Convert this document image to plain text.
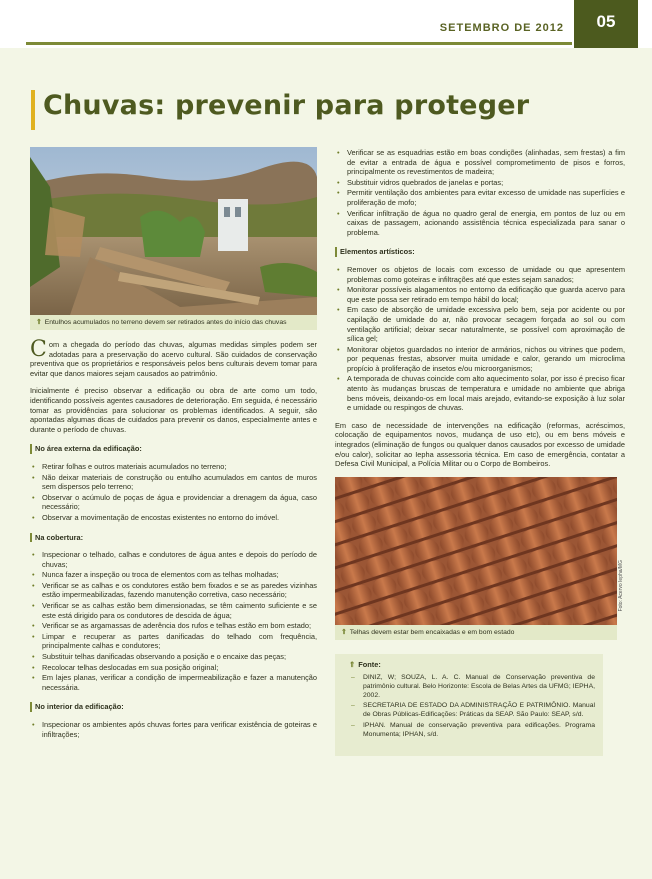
SETEMBRO DE 2012	05
Chuvas: prevenir para proteger
⇑ Entulhos acumulados no terreno devem ser retirados antes do início das chuvas

Com a chegada do período das chuvas, algumas medidas simples podem ser adotadas para a preservação do acervo cultural. São cuidados de conservação preventiva que os proprietários e responsáveis pelos bens culturais devem tomar para evitar que danos maiores sejam causados ao patrimônio.

Inicialmente é preciso observar a edificação ou obra de arte como um todo, identificando possíveis agentes causadores de deterioração. Em seguida, é necessário tomar as providências para solucionar os problemas identificados. A seguir, são apontadas algumas dicas de cuidados para prevenir os danos, especialmente antes e durante o período de chuvas.

No área externa da edificação:
• Retirar folhas e outros materiais acumulados no terreno;
• Não deixar materiais de construção ou entulho acumulados em cantos de muros sem dispersos pelo terreno;
• Observar o acúmulo de poças de água e providenciar a drenagem da água, caso necessário;
• Observar a movimentação de encostas existentes no entorno do imóvel.
Na cobertura:
• Inspecionar o telhado, calhas e condutores de água antes e depois do período de chuvas;
• Nunca fazer a inspeção ou troca de elementos com as telhas molhadas;
• Verificar se as calhas e os condutores estão bem fixados e se as paredes vizinhas estão impermeabilizadas, fazendo manutenção corretiva, caso necessário;
• Verificar se as calhas estão bem dimensionadas, se têm caimento suficiente e se este está dirigido para os condutores de descida de água;
• Verificar se as argamassas de aderência dos rufos e telhas estão em bom estado;
• Limpar e recuperar as partes danificadas do telhado com frequência, principalmente calhas e condutores;
• Substituir telhas danificadas observando a posição e o encaixe das peças;
• Recolocar telhas deslocadas em sua posição original;
• Em lajes planas, verificar a condição de impermeabilização e fazer a manutenção necessária.
No interior da edificação:
• Inspecionar os ambientes após chuvas fortes para verificar existência de goteiras e infiltrações;
• Verificar se as esquadrias estão em boas condições (alinhadas, sem frestas) a fim de evitar a entrada de água e possível comprometimento de pisos e forros, principalmente os revestimentos de madeira;
• Substituir vidros quebrados de janelas e portas;
• Permitir ventilação dos ambientes para evitar excesso de umidade nas superfícies e proliferação de mofo;
• Verificar infiltração de água no quadro geral de energia, em pontos de luz ou em caixas de passagem, acionando assistência técnica especializada para sanar o problema.
Elementos artísticos:
• Remover os objetos de locais com excesso de umidade ou que apresentem problemas como goteiras e infiltrações até que estes sejam sanados;
• Monitorar possíveis alagamentos no entorno da edificação que guarda acervo para que este possa ser retirado em tempo hábil do local;
• Em caso de absorção de umidade excessiva pelo bem, seja por acidente ou por capilação de umidade do ar, não provocar secagem forçada ao sol ou com ventilação artificial; deixar secar naturalmente, se possível com aproximação de sílica gel;
• Monitorar objetos guardados no interior de armários, nichos ou vitrines que podem, por pequenas frestas, absorver muita umidade e calor, gerando um microclima propício à proliferação de insetos e/ou microorganismos;
• A temporada de chuvas coincide com alto aquecimento solar, por isso é preciso ficar atento às mudanças bruscas de temperatura e umidade no ambiente que abriga bens móveis, deixando-os em local mais arejado, evitando-se exposição à luz solar e umidade ou respingos de chuvas.

Em caso de necessidade de intervenções na edificação (reformas, acréscimos, colocação de equipamentos novos, mudança de uso etc), ou em bens móveis e integrados (eliminação de fungos ou qualquer danos causados por excesso de umidade e/ou calor), solicitar ao Iepha assessoria técnica. Em caso de emergência, contatar a Defesa Civil Municipal, a Polícia Militar ou o Corpo de Bombeiros.

⇑ Telhas devem estar bem encaixadas e em bom estado
⇑ Fonte:
– DINIZ, W; SOUZA, L. A. C. Manual de Conservação preventiva de patrimônio cultural. Belo Horizonte: Escola de Belas Artes da UFMG; IEPHA, 2002.
– SECRETARIA DE ESTADO DA ADMINISTRAÇÃO E PATRIMÔNIO. Manual de Obras Públicas-Edificações: Práticas da SEAP. São Paulo: SEAP, s/d.
– IPHAN. Manual de conservação preventiva para edificações. Programa Monumenta; IPHAN, s/d.
Foto: Acervo Iepha/MG
